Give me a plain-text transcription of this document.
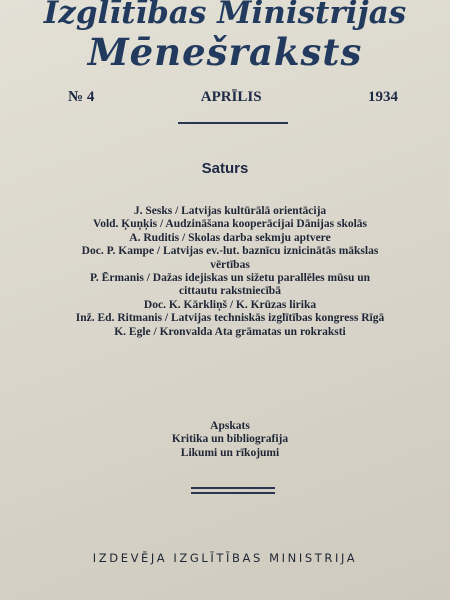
Izglītības Ministrijas
Mēnešraksts
№ 4	APRĪLIS	1934
Saturs
J. Sesks / Latvijas kultūrālā orientācija
Vold. Ķuņķis / Audzināšana kooperācijai Dānijas skolās
A. Ruditis / Skolas darba sekmju aptvere
Doc. P. Kampe / Latvijas ev.-lut. baznīcu iznicinātās mākslas vērtības
P. Ērmanis / Dažas idejiskas un sižetu parallēles mūsu un cittautu rakstniecībā
Doc. K. Kārkliņš / K. Krūzas lirika
Inž. Ed. Ritmanis / Latvijas techniskās izglītības kongress Rīgā
K. Egle / Kronvalda Ata grāmatas un rokraksti
Apskats
Kritika un bibliografija
Likumi un rīkojumi
IZDEVĒJA IZGLĪTĪBAS MINISTRIJA
